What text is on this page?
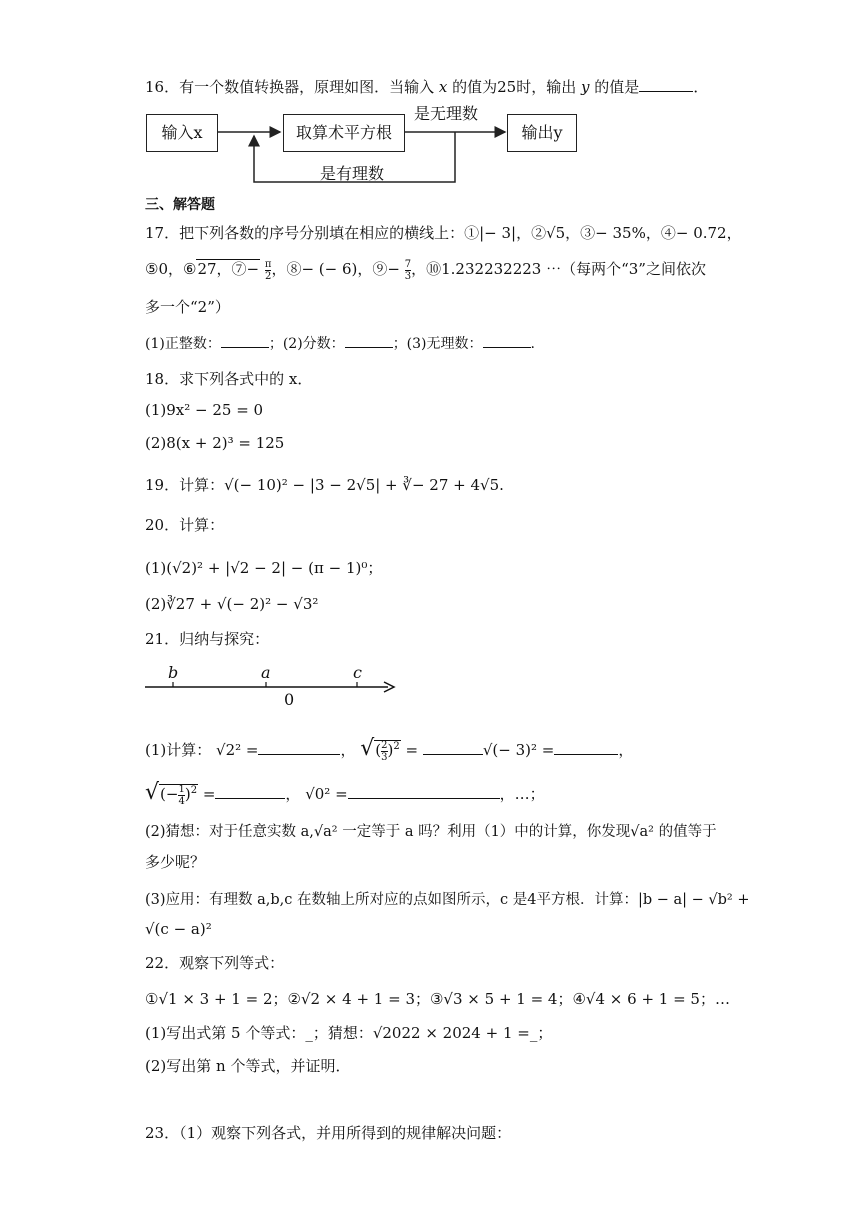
16．有一个数值转换器，原理如图．当输入 x 的值为25时，输出 y 的值是	．
输入x	取算术平方根	输出y
是无理数
是有理数
三、解答题
17．把下列各数的序号分别填在相应的横线上：①|− 3|，②√5，③− 35%，④− 0.72，
⑤0，⑥27，⑦− $\frac{\pi}{2}$ ，⑧− (− 6)，⑨− $\frac{7}{3}$ ，⑩1.232232223 ⋯（每两个“3”之间依次
多一个“2”）
(1)正整数：	；(2)分数：	；(3)无理数：	.
18．求下列各式中的 x．
(1)9x² − 25 = 0
(2)8(x + 2)³ = 125
19．计算：√(− 10)² − |3 − 2√5| + ∛− 27 + 4√5.
20．计算：
(1)(√2)² + |√2 − 2| − (π − 1)⁰；
(2)∛27 + √(− 2)² − √3²
21．归纳与探究：
b	a	c
0
(1)计算： √2² =	， √( $\frac{2}{3} )^2$ =	√(− 3)² =	，
√(− $\frac{1}{4} )^2$ =	， √0² =	，…；
(2)猜想：对于任意实数 a,√a² 一定等于 a 吗？利用（1）中的计算，你发现√a² 的值等于
多少呢？
(3)应用：有理数 a,b,c 在数轴上所对应的点如图所示，c 是4平方根．计算：|b − a| − √b² +
√(c − a)²
22．观察下列等式：
①√1 × 3 + 1 = 2；②√2 × 4 + 1 = 3；③√3 × 5 + 1 = 4；④√4 × 6 + 1 = 5；…
(1)写出式第 5 个等式：_；猜想：√2022 × 2024 + 1 =_；
(2)写出第 n 个等式，并证明．
23．（1）观察下列各式，并用所得到的规律解决问题：
